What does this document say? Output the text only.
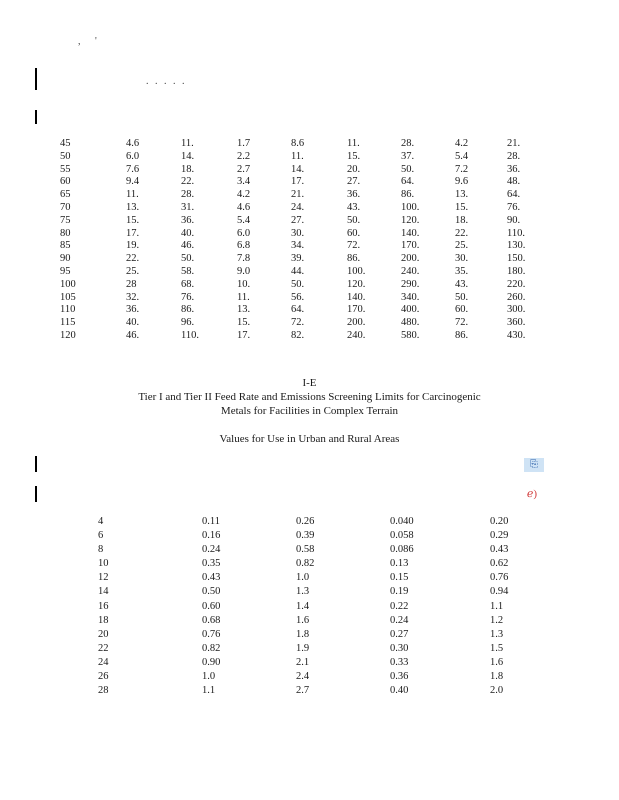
, '
. . . . .
45	4.6	11.	1.7	8.6	11.	28.	4.2	21.
50	6.0	14.	2.2	11.	15.	37.	5.4	28.
55	7.6	18.	2.7	14.	20.	50.	7.2	36.
60	9.4	22.	3.4	17.	27.	64.	9.6	48.
65	11.	28.	4.2	21.	36.	86.	13.	64.
70	13.	31.	4.6	24.	43.	100.	15.	76.
75	15.	36.	5.4	27.	50.	120.	18.	90.
80	17.	40.	6.0	30.	60.	140.	22.	110.
85	19.	46.	6.8	34.	72.	170.	25.	130.
90	22.	50.	7.8	39.	86.	200.	30.	150.
95	25.	58.	9.0	44.	100.	240.	35.	180.
100	28	68.	10.	50.	120.	290.	43.	220.
105	32.	76.	11.	56.	140.	340.	50.	260.
110	36.	86.	13.	64.	170.	400.	60.	300.
115	40.	96.	15.	72.	200.	480.	72.	360.
120	46.	110.	17.	82.	240.	580.	86.	430.
I-E
Tier I and Tier II Feed Rate and Emissions Screening Limits for Carcinogenic
Metals for Facilities in Complex Terrain
Values for Use in Urban and Rural Areas
⎘
ℯ)
4	0.11	0.26	0.040	0.20
6	0.16	0.39	0.058	0.29
8	0.24	0.58	0.086	0.43
10	0.35	0.82	0.13	0.62
12	0.43	1.0	0.15	0.76
14	0.50	1.3	0.19	0.94
16	0.60	1.4	0.22	1.1
18	0.68	1.6	0.24	1.2
20	0.76	1.8	0.27	1.3
22	0.82	1.9	0.30	1.5
24	0.90	2.1	0.33	1.6
26	1.0	2.4	0.36	1.8
28	1.1	2.7	0.40	2.0
